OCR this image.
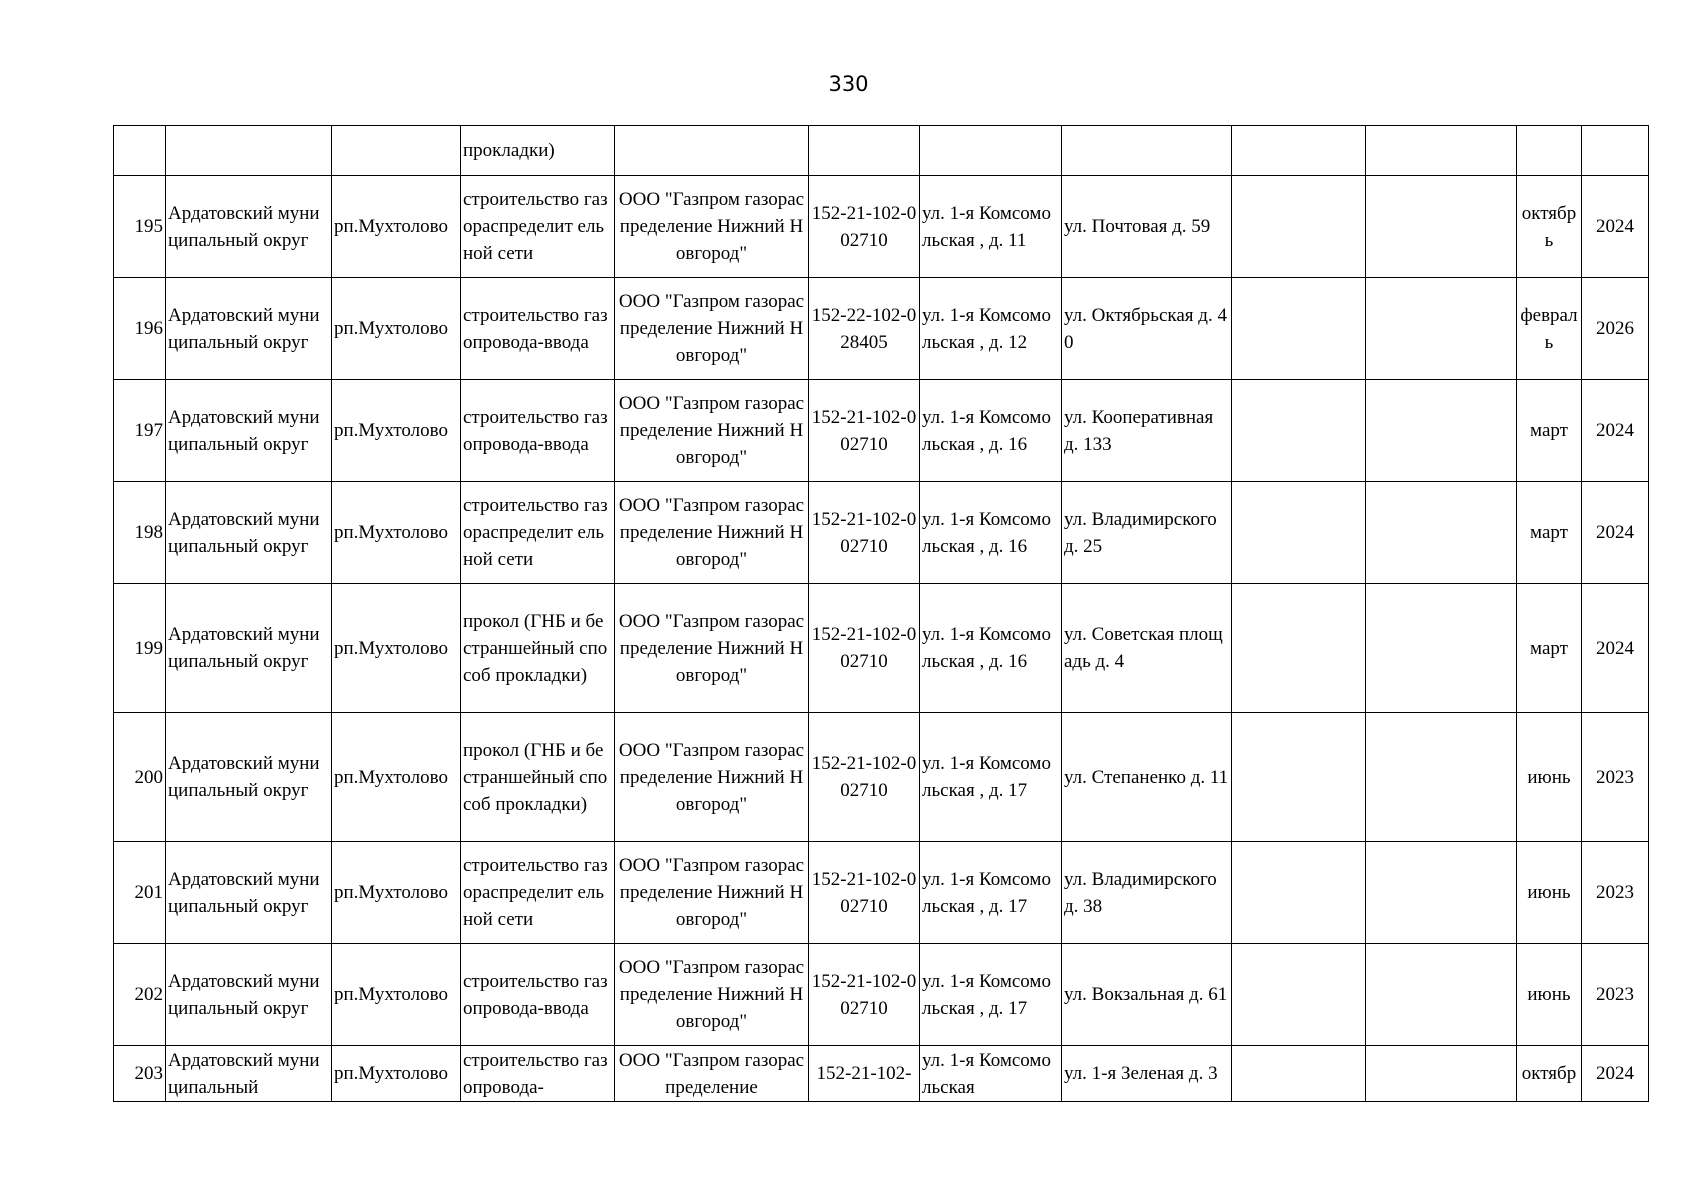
330
			прокладки)								
195	Ардатовский муниципальный округ	рп.Мухтолово	строительство газораспределит ельной сети	ООО "Газпром газораспределение Нижний Новгород"	152-21-102-002710	ул. 1-я Комсомольская , д. 11	ул. Почтовая д. 59			октябр ь	2024
196	Ардатовский муниципальный округ	рп.Мухтолово	строительство газопровода-ввода	ООО "Газпром газораспределение Нижний Новгород"	152-22-102-028405	ул. 1-я Комсомольская , д. 12	ул. Октябрьская д. 40			феврал ь	2026
197	Ардатовский муниципальный округ	рп.Мухтолово	строительство газопровода-ввода	ООО "Газпром газораспределение Нижний Новгород"	152-21-102-002710	ул. 1-я Комсомольская , д. 16	ул. Кооперативная д. 133			март	2024
198	Ардатовский муниципальный округ	рп.Мухтолово	строительство газораспределит ельной сети	ООО "Газпром газораспределение Нижний Новгород"	152-21-102-002710	ул. 1-я Комсомольская , д. 16	ул. Владимирского д. 25			март	2024
199	Ардатовский муниципальный округ	рп.Мухтолово	прокол (ГНБ и бестраншейный способ прокладки)	ООО "Газпром газораспределение Нижний Новгород"	152-21-102-002710	ул. 1-я Комсомольская , д. 16	ул. Советская площадь д. 4			март	2024
200	Ардатовский муниципальный округ	рп.Мухтолово	прокол (ГНБ и бестраншейный способ прокладки)	ООО "Газпром газораспределение Нижний Новгород"	152-21-102-002710	ул. 1-я Комсомольская , д. 17	ул. Степаненко д. 11			июнь	2023
201	Ардатовский муниципальный округ	рп.Мухтолово	строительство газораспределит ельной сети	ООО "Газпром газораспределение Нижний Новгород"	152-21-102-002710	ул. 1-я Комсомольская , д. 17	ул. Владимирского д. 38			июнь	2023
202	Ардатовский муниципальный округ	рп.Мухтолово	строительство газопровода-ввода	ООО "Газпром газораспределение Нижний Новгород"	152-21-102-002710	ул. 1-я Комсомольская , д. 17	ул. Вокзальная д. 61			июнь	2023
203	Ардатовский муниципальный	рп.Мухтолово	строительство газопровода-	ООО "Газпром газораспределение	152-21-102-	ул. 1-я Комсомольская	ул. 1-я Зеленая д. 3			октябр	2024
